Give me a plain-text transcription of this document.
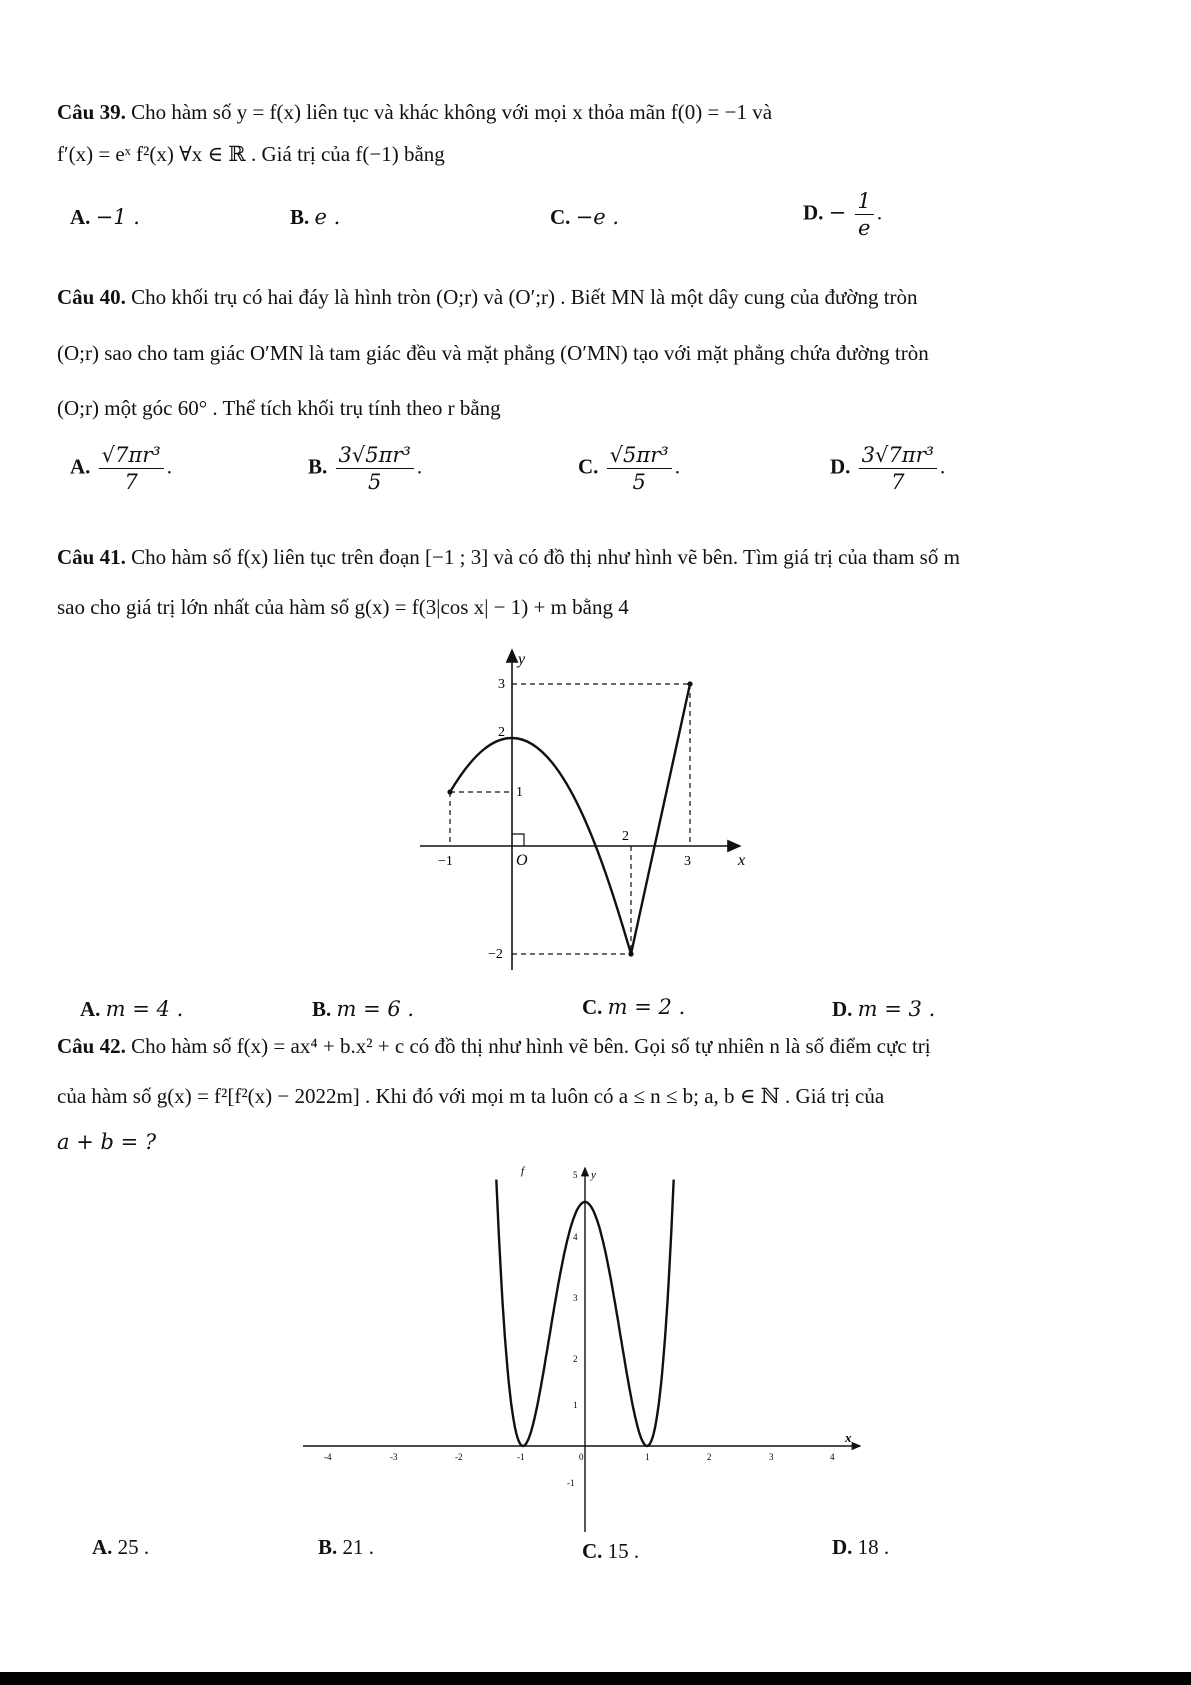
Câu 39. Cho hàm số y = f(x) liên tục và khác không với mọi x thỏa mãn f(0) = −1 và
f′(x) = eˣ f²(x) ∀x ∈ ℝ . Giá trị của f(−1) bằng
A. −1 .	B. e .	C. −e .	D. − $\frac{1}{e}$ .
Câu 40. Cho khối trụ có hai đáy là hình tròn (O;r) và (O′;r) . Biết MN là một dây cung của đường tròn
(O;r) sao cho tam giác O′MN là tam giác đều và mặt phẳng (O′MN) tạo với mặt phẳng chứa đường tròn
(O;r) một góc 60° . Thể tích khối trụ tính theo r bằng
A. $\frac{\text{√7πr³}}{7}$ .	B. $\frac{\text{3√5πr³}}{5}$ .	C. $\frac{\text{√5πr³}}{5}$ .	D. $\frac{\text{3√7πr³}}{7}$ .
Câu 41. Cho hàm số f(x) liên tục trên đoạn [−1 ; 3] và có đồ thị như hình vẽ bên. Tìm giá trị của tham số m
sao cho giá trị lớn nhất của hàm số g(x) = f(3|cos x| − 1) + m bằng 4
y
x
O
−1
2
3
3
2
1
−2
A. m = 4 .	B. m = 6 .	C. m = 2 .	D. m = 3 .
Câu 42. Cho hàm số f(x) = ax⁴ + b.x² + c có đồ thị như hình vẽ bên. Gọi số tự nhiên n là số điểm cực trị
của hàm số g(x) = f²[f²(x) − 2022m] . Khi đó với mọi m ta luôn có a ≤ n ≤ b; a, b ∈ ℕ . Giá trị của
a + b = ?
-4	-3	-2	-1	0	1	2	3	4
5
4
3
2
1
-1
y
x
f
A. 25 .	B. 21 .	C. 15 .	D. 18 .
